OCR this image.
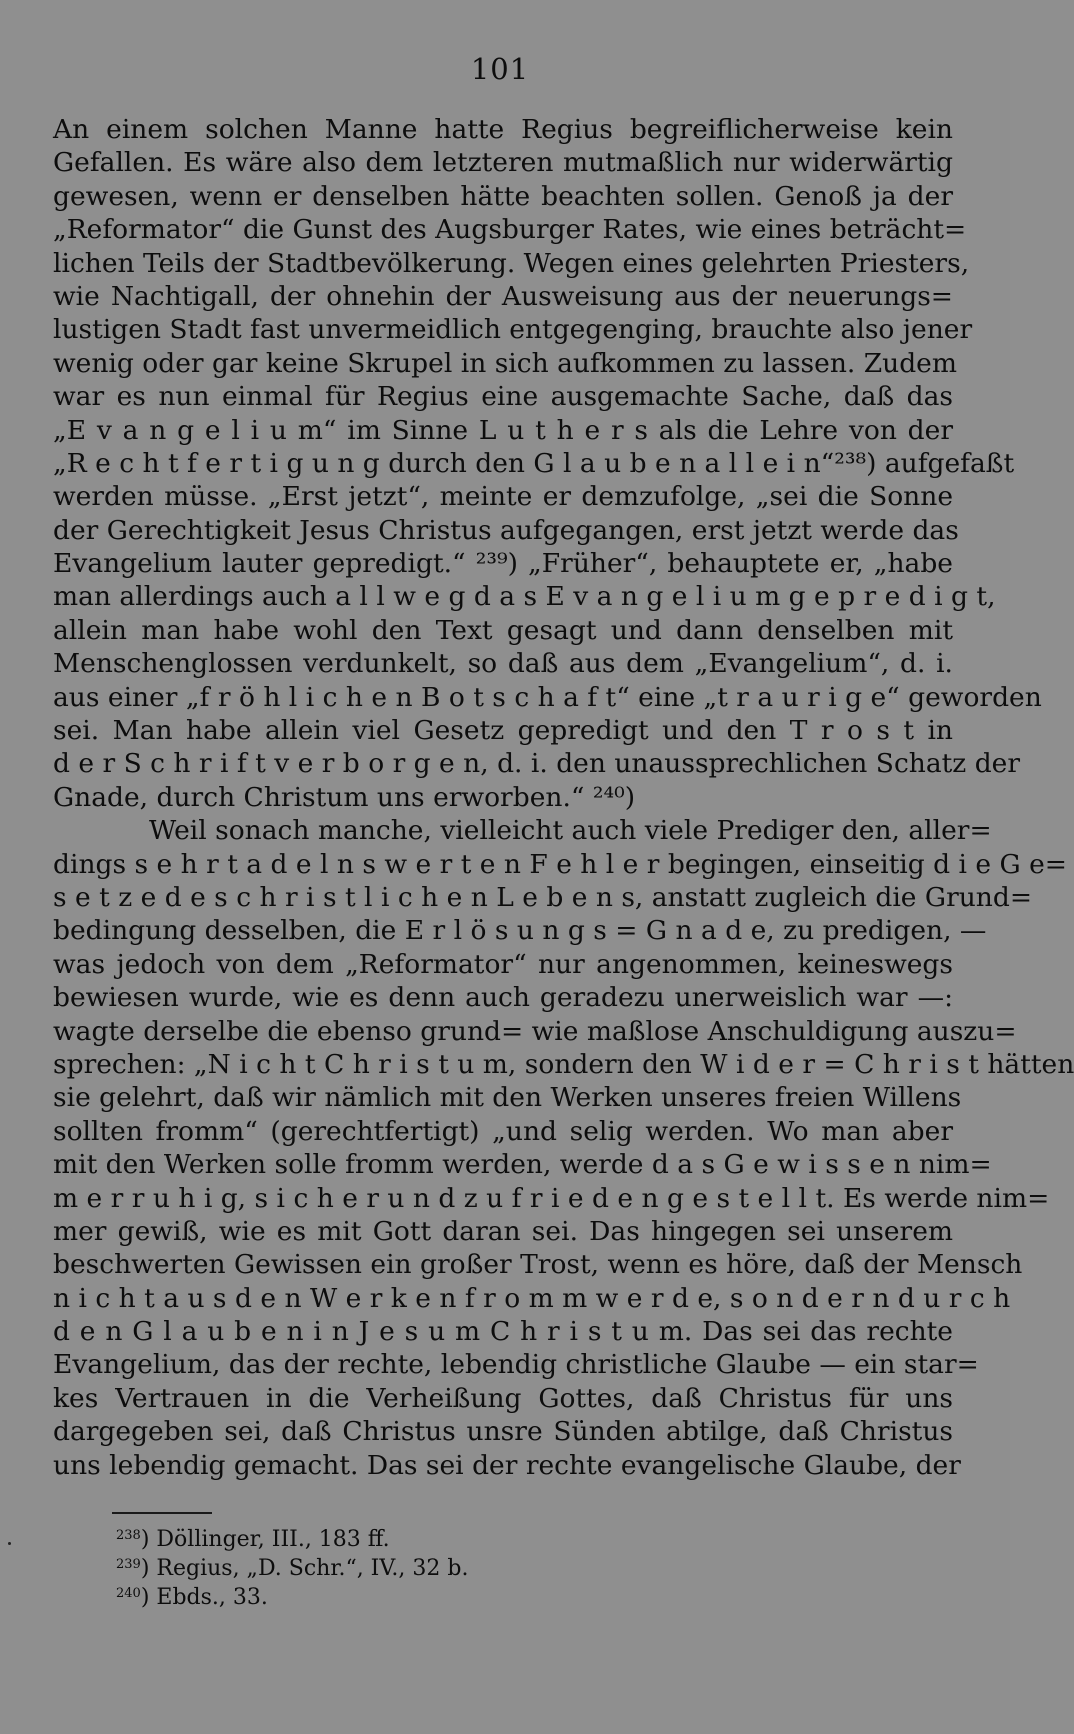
101
An einem solchen Manne hatte Regius begreiflicherweise kein
Gefallen. Es wäre also dem letzteren mutmaßlich nur widerwärtig
gewesen, wenn er denselben hätte beachten sollen. Genoß ja der
„Reformator“ die Gunst des Augsburger Rates, wie eines beträcht=
lichen Teils der Stadtbevölkerung. Wegen eines gelehrten Priesters,
wie Nachtigall, der ohnehin der Ausweisung aus der neuerungs=
lustigen Stadt fast unvermeidlich entgegenging, brauchte also jener
wenig oder gar keine Skrupel in sich aufkommen zu lassen. Zudem
war es nun einmal für Regius eine ausgemachte Sache, daß das
„E v a n g e l i u m“ im Sinne L u t h e r s als die Lehre von der
„R e c h t f e r t i g u n g durch den G l a u b e n a l l e i n“²³⁸) aufgefaßt
werden müsse. „Erst jetzt“, meinte er demzufolge, „sei die Sonne
der Gerechtigkeit Jesus Christus aufgegangen, erst jetzt werde das
Evangelium lauter gepredigt.“ ²³⁹) „Früher“, behauptete er, „habe
man allerdings auch a l l w e g d a s E v a n g e l i u m g e p r e d i g t,
allein man habe wohl den Text gesagt und dann denselben mit
Menschenglossen verdunkelt, so daß aus dem „Evangelium“, d. i.
aus einer „f r ö h l i c h e n B o t s c h a f t“ eine „t r a u r i g e“ geworden
sei. Man habe allein viel Gesetz gepredigt und den T r o s t in
d e r S c h r i f t v e r b o r g e n, d. i. den unaussprechlichen Schatz der
Gnade, durch Christum uns erworben.“ ²⁴⁰)
Weil sonach manche, vielleicht auch viele Prediger den, aller=
dings s e h r t a d e l n s w e r t e n F e h l e r begingen, einseitig d i e G e=
s e t z e d e s c h r i s t l i c h e n L e b e n s, anstatt zugleich die Grund=
bedingung desselben, die E r l ö s u n g s = G n a d e, zu predigen, —
was jedoch von dem „Reformator“ nur angenommen, keineswegs
bewiesen wurde, wie es denn auch geradezu unerweislich war —:
wagte derselbe die ebenso grund= wie maßlose Anschuldigung auszu=
sprechen: „N i c h t C h r i s t u m, sondern den W i d e r = C h r i s t hätten
sie gelehrt, daß wir nämlich mit den Werken unseres freien Willens
sollten fromm“ (gerechtfertigt) „und selig werden. Wo man aber
mit den Werken solle fromm werden, werde d a s G e w i s s e n nim=
m e r r u h i g, s i c h e r u n d z u f r i e d e n g e s t e l l t. Es werde nim=
mer gewiß, wie es mit Gott daran sei. Das hingegen sei unserem
beschwerten Gewissen ein großer Trost, wenn es höre, daß der Mensch
n i c h t a u s d e n W e r k e n f r o m m w e r d e, s o n d e r n d u r c h
d e n G l a u b e n i n J e s u m C h r i s t u m. Das sei das rechte
Evangelium, das der rechte, lebendig christliche Glaube — ein star=
kes Vertrauen in die Verheißung Gottes, daß Christus für uns
dargegeben sei, daß Christus unsre Sünden abtilge, daß Christus
uns lebendig gemacht. Das sei der rechte evangelische Glaube, der
$^{238}$) Döllinger, III., 183 ff.
$^{239}$) Regius, „D. Schr.“, IV., 32 b.
$^{240}$) Ebds., 33.
